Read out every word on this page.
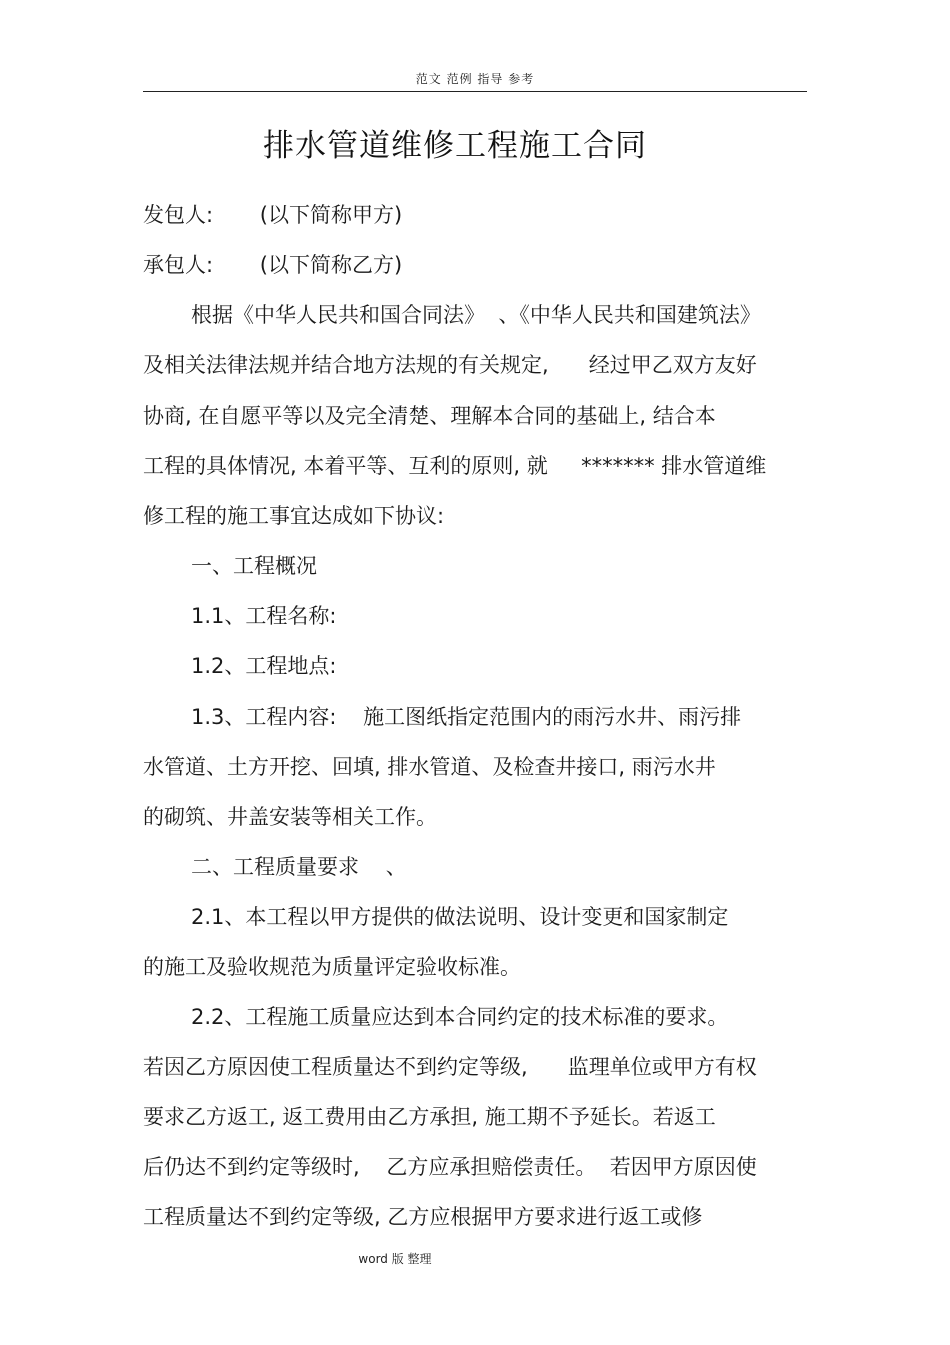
范文 范例 指导 参考
排水管道维修工程施工合同
发包人:       (以下简称甲方)
承包人:       (以下简称乙方)
根据《中华人民共和国合同法》  、《中华人民共和国建筑法》
及相关法律法规并结合地方法规的有关规定,      经过甲乙双方友好
协商, 在自愿平等以及完全清楚、理解本合同的基础上, 结合本
工程的具体情况, 本着平等、互利的原则, 就     ******* 排水管道维
修工程的施工事宜达成如下协议:
一、工程概况
1.1、工程名称:
1.2、工程地点:
1.3、工程内容:    施工图纸指定范围内的雨污水井、雨污排
水管道、土方开挖、回填, 排水管道、及检查井接口, 雨污水井
的砌筑、井盖安装等相关工作。
二、工程质量要求    、
2.1、本工程以甲方提供的做法说明、设计变更和国家制定
的施工及验收规范为质量评定验收标准。
2.2、工程施工质量应达到本合同约定的技术标准的要求。
若因乙方原因使工程质量达不到约定等级,      监理单位或甲方有权
要求乙方返工, 返工费用由乙方承担, 施工期不予延长。若返工
后仍达不到约定等级时,    乙方应承担赔偿责任。  若因甲方原因使
工程质量达不到约定等级, 乙方应根据甲方要求进行返工或修
word 版 整理
